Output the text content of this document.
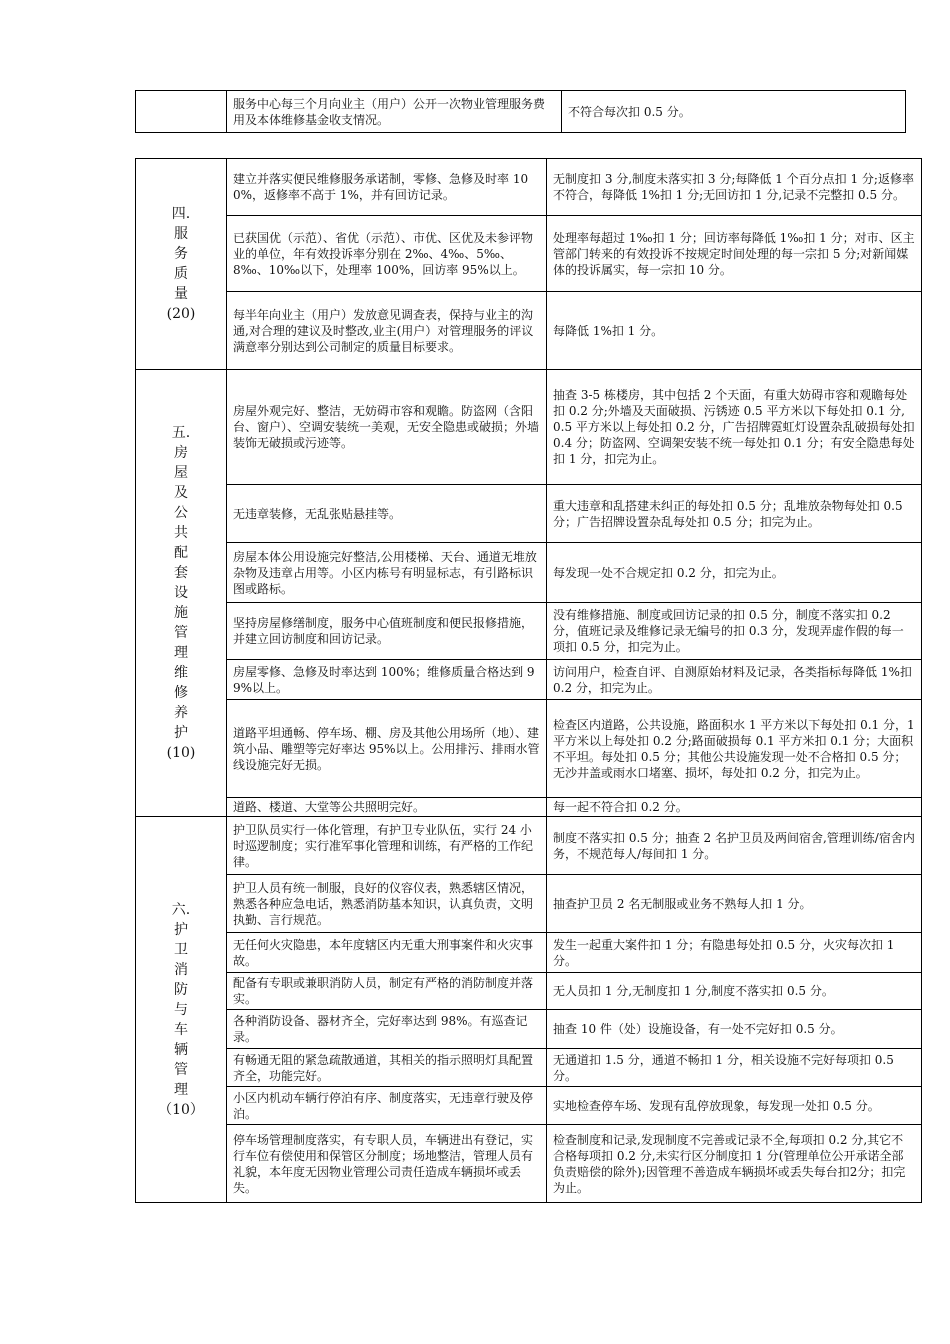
	服务中心每三个月向业主（用户）公开一次物业管理服务费用及本体维修基金收支情况。	不符合每次扣 0.5 分。
四.
服务质量
(20)	建立并落实便民维修服务承诺制，零修、急修及时率 100%，返修率不高于 1%，并有回访记录。	无制度扣 3 分,制度未落实扣 3 分;每降低 1 个百分点扣 1 分;返修率不符合，每降低 1%扣 1 分;无回访扣 1 分,记录不完整扣 0.5 分。
	已获国优（示范）、省优（示范）、市优、区优及未参评物业的单位，年有效投诉率分别在 2‰、4‰、5‰、8‰、10‰以下，处理率 100%，回访率 95%以上。	处理率每超过 1‰扣 1 分；回访率每降低 1‰扣 1 分；对市、区主管部门转来的有效投诉不按规定时间处理的每一宗扣 5 分;对新闻媒体的投诉属实，每一宗扣 10 分。
	每半年向业主（用户）发放意见调查表，保持与业主的沟通,对合理的建议及时整改,业主(用户）对管理服务的评议满意率分别达到公司制定的质量目标要求。	每降低 1%扣 1 分。

五.
房屋及公共配套设施管理维修养护
(10)	房屋外观完好、整洁，无妨碍市容和观瞻。防盗网（含阳台、窗户）、空调安装统一美观，无安全隐患或破损；外墙装饰无破损或污迹等。	抽查 3-5 栋楼房，其中包括 2 个天面，有重大妨碍市容和观瞻每处扣 0.2 分;外墙及天面破损、污锈迹 0.5 平方米以下每处扣 0.1 分,0.5 平方米以上每处扣 0.2 分，广告招牌霓虹灯设置杂乱破损每处扣 0.4 分；防盗网、空调架安装不统一每处扣 0.1 分；有安全隐患每处扣 1 分，扣完为止。
	无违章装修，无乱张贴悬挂等。	重大违章和乱搭建未纠正的每处扣 0.5 分；乱堆放杂物每处扣 0.5 分；广告招牌设置杂乱每处扣 0.5 分；扣完为止。
	房屋本体公用设施完好整洁,公用楼梯、天台、通道无堆放杂物及违章占用等。小区内栋号有明显标志，有引路标识图或路标。	每发现一处不合规定扣 0.2 分，扣完为止。
	坚持房屋修缮制度，服务中心值班制度和便民报修措施，并建立回访制度和回访记录。	没有维修措施、制度或回访记录的扣 0.5 分，制度不落实扣 0.2 分，值班记录及维修记录无编号的扣 0.3 分，发现弄虚作假的每一项扣 0.5 分，扣完为止。
	房屋零修、急修及时率达到 100%；维修质量合格达到 99%以上。	访问用户，检查自评、自测原始材料及记录，各类指标每降低 1%扣 0.2 分，扣完为止。
	道路平坦通畅、停车场、棚、房及其他公用场所（地）、建筑小品、雕塑等完好率达 95%以上。公用排污、排雨水管线设施完好无损。	检查区内道路，公共设施，路面积水 1 平方米以下每处扣 0.1 分，1 平方米以上每处扣 0.2 分;路面破损每 0.1 平方米扣 0.1 分；大面积不平坦。每处扣 0.5 分；其他公共设施发现一处不合格扣 0.5 分；无沙井盖或雨水口堵塞、损坏，每处扣 0.2 分，扣完为止。
	道路、楼道、大堂等公共照明完好。	每一起不符合扣 0.2 分。

六.
护卫消防与车辆管理
（10）	护卫队员实行一体化管理，有护卫专业队伍，实行 24 小时巡逻制度；实行准军事化管理和训练，有严格的工作纪律。	制度不落实扣 0.5 分；抽查 2 名护卫员及两间宿舍,管理训练/宿舍内务，不规范每人/每间扣 1 分。
	护卫人员有统一制服，良好的仪容仪表，熟悉辖区情况，熟悉各种应急电话，熟悉消防基本知识，认真负责，文明执勤、言行规范。	抽查护卫员 2 名无制服或业务不熟每人扣 1 分。
	无任何火灾隐患，本年度辖区内无重大刑事案件和火灾事故。	发生一起重大案件扣 1 分；有隐患每处扣 0.5 分，火灾每次扣 1 分。
	配备有专职或兼职消防人员，制定有严格的消防制度并落实。	无人员扣 1 分,无制度扣 1 分,制度不落实扣 0.5 分。
	各种消防设备、器材齐全，完好率达到 98%。有巡查记录。	抽查 10 件（处）设施设备，有一处不完好扣 0.5 分。
	有畅通无阻的紧急疏散通道，其相关的指示照明灯具配置齐全，功能完好。	无通道扣 1.5 分，通道不畅扣 1 分，相关设施不完好每项扣 0.5 分。
	小区内机动车辆行停泊有序、制度落实，无违章行驶及停泊。	实地检查停车场、发现有乱停放现象，每发现一处扣 0.5 分。
	停车场管理制度落实，有专职人员，车辆进出有登记，实行车位有偿使用和保管区分制度；场地整洁，管理人员有礼貌，本年度无因物业管理公司责任造成车辆损坏或丢失。	检查制度和记录,发现制度不完善或记录不全,每项扣 0.2 分,其它不合格每项扣 0.2 分,未实行区分制度扣 1 分(管理单位公开承诺全部负责赔偿的除外);因管理不善造成车辆损坏或丢失每台扣2分；扣完为止。
